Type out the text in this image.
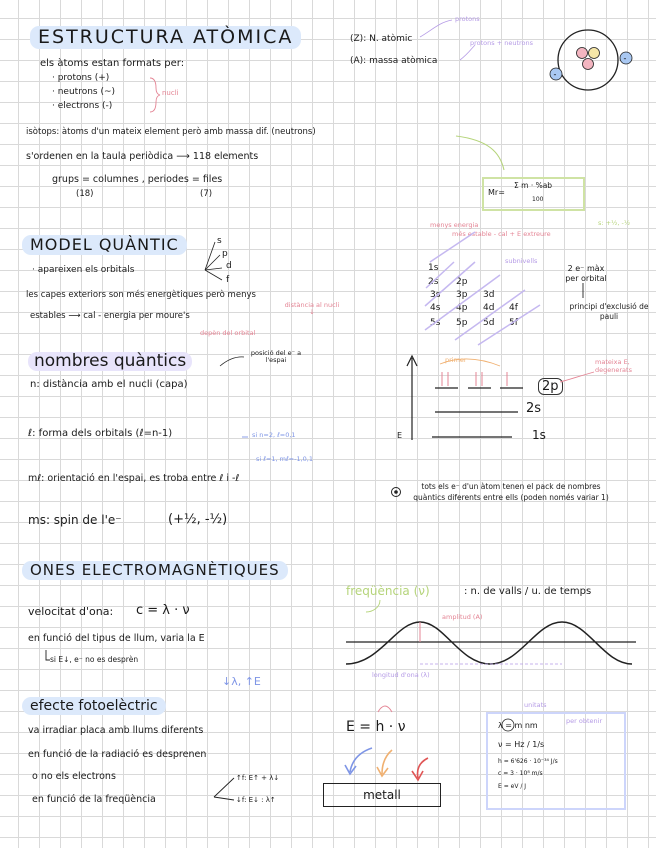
ESTRUCTURA ATÒMICA
els àtoms estan formats per:
· protons (+)
· neutrons (~)
· electrons (-)
nucli
(Z): N. atòmic
protons
(A): massa atòmica
protons + neutrons
isòtops: àtoms d'un mateix element però amb massa dif. (neutrons)
s'ordenen en la taula periòdica ⟶ 118 elements
grups = columnes , periodes = files
(18)	(7)	Mr=
Σ m · %ab
100
MODEL QUÀNTIC
· apareixen els orbitals
s
p
d
f
les capes exteriors son més energètiques però menys
estables ⟶ cal - energia per moure's
distància al nucli ↓
depèn del orbital
menys energia
més estable - cal + E extreure
subnivells
1s
2s 2p
3s 3p 3d
4s 4p 4d 4f
5s 5p 5d 5f
2 e⁻ màx per orbital
principi d'exclusió de pauli
s: +½, -½
nombres quàntics	posició del e⁻ a l'espai
n: distància amb el nucli (capa)
ℓ: forma dels orbitals (ℓ=n-1)	si n=2, ℓ=0,1
si ℓ=1, mℓ=-1,0,1
mℓ: orientació en l'espai, es troba entre ℓ i -ℓ
ms: spin de l'e⁻	(+½, -½)
primer	mateixa E, degenerats
E
2p
2s
1s
tots els e⁻ d'un àtom tenen el pack de nombres quàntics diferents entre ells (poden només variar 1)
ONES ELECTROMAGNÈTIQUES
velocitat d'ona: c = λ · ν
en funció del tipus de llum, varia la E
si E↓, e⁻ no es desprèn
↓λ, ↑E
freqüència (ν)	: n. de valls / u. de temps
amplitud (A)
longitud d'ona (λ)
efecte fotoelèctric
va irradiar placa amb llums diferents
en funció de la radiació es desprenen
o no els electrons
en funció de la freqüència
↑f: E↑ + λ↓
↓f: E↓ : λ↑
E = h · ν
metall
unitats
λ = m nm
ν = Hz / 1/s
h = 6'626 · 10⁻³⁴ J/s
c = 3 · 10⁸ m/s
E = eV / J
per obtenir
-
-
